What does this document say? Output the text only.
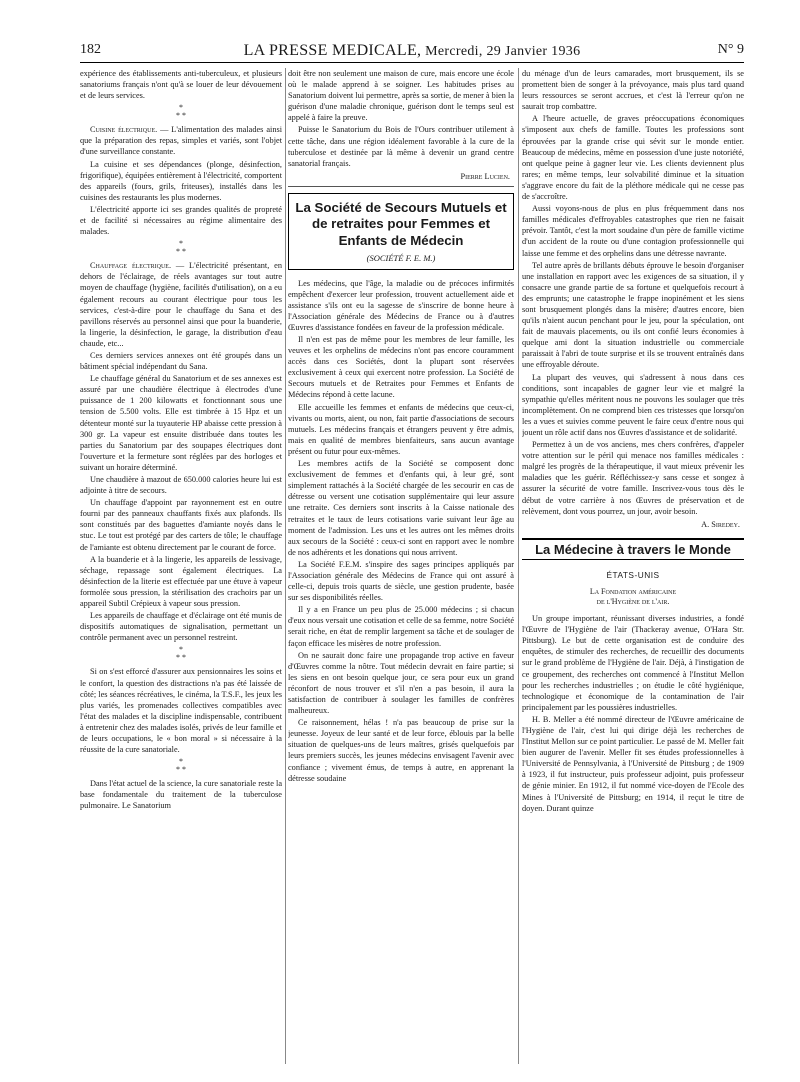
182	LA PRESSE MEDICALE, Mercredi, 29 Janvier 1936	N° 9

expérience des établissements anti-tuberculeux, et plusieurs sanatoriums français n'ont qu'à se louer de leur dévouement et de leurs services.

*
* *

Cuisine électrique. — L'alimentation des malades ainsi que la préparation des repas, simples et variés, sont l'objet d'une surveillance constante.

La cuisine et ses dépendances (plonge, désinfection, frigorifique), équipées entièrement à l'électricité, comportent des appareils (fours, grils, friteuses), installés dans les cuisines des restaurants les plus modernes.

L'électricité apporte ici ses grandes qualités de propreté et de facilité si nécessaires au régime alimentaire des malades.

*
* *

Chauffage électrique. — L'électricité présentant, en dehors de l'éclairage, de réels avantages sur tout autre moyen de chauffage (hygiène, facilités d'utilisation), on a eu également recours au courant électrique pour tous les services, c'est-à-dire pour le chauffage du Sana et des pavillons réservés au personnel ainsi que pour la buanderie, la lingerie, la désinfection, le garage, la distribution d'eau chaude, etc...

Ces derniers services annexes ont été groupés dans un bâtiment spécial indépendant du Sana.

Le chauffage général du Sanatorium et de ses annexes est assuré par une chaudière électrique à électrodes d'une puissance de 1 200 kilowatts et fonctionnant sous une tension de 5.500 volts. Elle est timbrée à 15 Hpz et un détenteur monté sur la tuyauterie HP abaisse cette pression à 300 gr. La vapeur est ensuite distribuée dans toutes les parties du Sanatorium par des soupapes électriques dont l'ouverture et la fermeture sont réglées par des horloges et suivant un horaire déterminé.

Une chaudière à mazout de 650.000 calories heure lui est adjointe à titre de secours.

Un chauffage d'appoint par rayonnement est en outre fourni par des panneaux chauffants fixés aux plafonds. Ils sont constitués par des baguettes d'amiante noyés dans le stuc. Le tout est protégé par des carters de tôle; le chauffage de l'amiante est obtenu directement par le courant de force.

A la buanderie et à la lingerie, les appareils de lessivage, séchage, repassage sont également électriques. La désinfection de la literie est effectuée par une étuve à vapeur formolée sous pression, la stérilisation des crachoirs par un appareil Subtil Crépieux à vapeur sous pression.

Les appareils de chauffage et d'éclairage ont été munis de dispositifs automatiques de signalisation, permettant un contrôle permanent avec un personnel restreint.

*
* *

Si on s'est efforcé d'assurer aux pensionnaires les soins et le confort, la question des distractions n'a pas été laissée de côté; les séances récréatives, le cinéma, la T.S.F., les jeux les plus variés, les promenades collectives compatibles avec l'état des malades et la discipline indispensable, contribuent à entretenir chez des malades isolés, privés de leur famille et de leurs occupations, le « bon moral » si nécessaire à la réussite de la cure sanatoriale.

*
* *

Dans l'état actuel de la science, la cure sanatoriale reste la base fondamentale du traitement de la tuberculose pulmonaire. Le Sanatorium

doit être non seulement une maison de cure, mais encore une école où le malade apprend à se soigner. Les habitudes prises au Sanatorium doivent lui permettre, après sa sortie, de mener à bien la guérison d'une maladie chronique, guérison dont le temps seul est appelé à faire la preuve.

Puisse le Sanatorium du Bois de l'Ours contribuer utilement à cette tâche, dans une région idéalement favorable à la cure de la tuberculose et destinée par là même à devenir un grand centre sanatorial français.

Pierre Lucien.
La Société de Secours Mutuels et de retraites pour Femmes et Enfants de Médecin
(SOCIÉTÉ F. E. M.)

Les médecins, que l'âge, la maladie ou de précoces infirmités empêchent d'exercer leur profession, trouvent actuellement aide et assistance s'ils ont eu la sagesse de s'inscrire de bonne heure à l'Association générale des Médecins de France ou à d'autres Œuvres d'assistance fondées en faveur de la profession médicale.

Il n'en est pas de même pour les membres de leur famille, les veuves et les orphelins de médecins n'ont pas encore couramment accès dans ces Sociétés, dont la plupart sont réservées exclusivement à ceux qui exercent notre profession. La Société de Secours mutuels et de Retraites pour Femmes et Enfants de Médecins répond à cette lacune.

Elle accueille les femmes et enfants de médecins que ceux-ci, vivants ou morts, aient, ou non, fait partie d'associations de secours mutuels. Les médecins français et étrangers peuvent y être admis, mais en qualité de membres bienfaiteurs, sans aucun avantage présent ou futur pour eux-mêmes.

Les membres actifs de la Société se composent donc exclusivement de femmes et d'enfants qui, à leur gré, sont simplement rattachés à la Société chargée de les secourir en cas de détresse ou versent une cotisation supplémentaire qui leur assure une retraite. Ces derniers sont inscrits à la Caisse nationale des retraites et le taux de leurs cotisations varie suivant leur âge au moment de l'admission. Les uns et les autres ont les mêmes droits aux secours de la Société : ceux-ci sont en rapport avec le nombre de nos adhérents et les donations qui nous arrivent.

La Société F.E.M. s'inspire des sages principes appliqués par l'Association générale des Médecins de France qui ont assuré à celle-ci, depuis trois quarts de siècle, une gestion prudente, basée sur ses disponibilités réelles.

Il y a en France un peu plus de 25.000 médecins ; si chacun d'eux nous versait une cotisation et celle de sa femme, notre Société serait riche, en état de remplir largement sa tâche et de soulager de façon efficace les misères de notre profession.

On ne saurait donc faire une propagande trop active en faveur d'Œuvres comme la nôtre. Tout médecin devrait en faire partie; si les siens en ont besoin quelque jour, ce sera pour eux un grand réconfort de nous trouver et s'il n'en a pas besoin, il aura la satisfaction de contribuer à soulager les familles de confrères malheureux.

Ce raisonnement, hélas ! n'a pas beaucoup de prise sur la jeunesse. Joyeux de leur santé et de leur force, éblouis par la belle situation de quelques-uns de leurs maîtres, grisés quelquefois par leurs premiers succès, les jeunes médecins envisagent l'avenir avec confiance ; vivement émus, de temps à autre, en apprenant la détresse soudaine

du ménage d'un de leurs camarades, mort brusquement, ils se promettent bien de songer à la prévoyance, mais plus tard quand leurs ressources se seront accrues, et c'est là l'erreur qu'on ne saurait trop combattre.

A l'heure actuelle, de graves préoccupations économiques s'imposent aux chefs de famille. Toutes les professions sont éprouvées par la grande crise qui sévit sur le monde entier. Beaucoup de médecins, même en possession d'une juste notoriété, ont quelque peine à gagner leur vie. Les clients deviennent plus rares; en même temps, leur solvabilité diminue et la situation s'aggrave encore du fait de la pléthore médicale qui ne cesse pas de s'accroître.

Aussi voyons-nous de plus en plus fréquemment dans nos familles médicales d'effroyables catastrophes que rien ne faisait prévoir. Tantôt, c'est la mort soudaine d'un père de famille victime d'un accident de la route ou d'une contagion professionnelle qui laisse une femme et des orphelins dans une détresse navrante.

Tel autre après de brillants débuts éprouve le besoin d'organiser une installation en rapport avec les exigences de sa situation, il y consacre une grande partie de sa fortune et quelquefois recourt à des emprunts; une catastrophe le frappe inopinément et les siens sont brusquement plongés dans la misère; d'autres encore, bien qu'ils n'aient aucun penchant pour le jeu, pour la spéculation, ont fait de mauvais placements, ou ils ont confié leurs économies à quelque ami dont la situation industrielle ou commerciale paraissait à l'abri de toute surprise et ils se trouvent entraînés dans une effroyable déroute.

La plupart des veuves, qui s'adressent à nous dans ces conditions, sont incapables de gagner leur vie et malgré la sympathie qu'elles méritent nous ne pouvons les soulager que très incomplètement. On ne comprend bien ces tristesses que lorsqu'on les a vues et suivies comme peuvent le faire ceux d'entre nous qui jouent un rôle actif dans nos Œuvres d'assistance et de solidarité.

Permettez à un de vos anciens, mes chers confrères, d'appeler votre attention sur le péril qui menace nos familles médicales : malgré les progrès de la thérapeutique, il vaut mieux prévenir les maladies que les guérir. Réfléchissez-y sans cesse et songez à assurer la sécurité de votre famille. Inscrivez-vous tous dès le début de votre carrière à nos Œuvres de préservation et de relèvement, dont vous pourrez, un jour, avoir besoin.

A. Siredey.
La Médecine à travers le Monde
ÉTATS-UNIS
La Fondation américaine
de l'Hygiène de l'air.

Un groupe important, réunissant diverses industries, a fondé l'Œuvre de l'Hygiène de l'air (Thackeray avenue, O'Hara Str. Pittsburg). Le but de cette organisation est de conduire des enquêtes, de stimuler des recherches, de recueillir des documents sur le grand problème de l'Hygiène de l'air. Déjà, à l'instigation de ce groupement, des recherches ont commencé à l'Institut Mellon pour les recherches industrielles ; on étudie le côté hygiénique, technologique et économique de la contamination de l'air principalement par les poussières industrielles.

H. B. Meller a été nommé directeur de l'Œuvre américaine de l'Hygiène de l'air, c'est lui qui dirige déjà les recherches de l'Institut Mellon sur ce point particulier. Le passé de M. Meller fait bien augurer de l'avenir. Meller fit ses études professionnelles à l'Université de Pennsylvania, à l'Université de Pittsburg ; de 1909 à 1923, il fut instructeur, puis professeur adjoint, puis professeur de génie minier. En 1912, il fut nommé vice-doyen de l'Ecole des Mines à l'Université de Pittsburg; en 1914, il reçut le titre de doyen. Durant quinze
